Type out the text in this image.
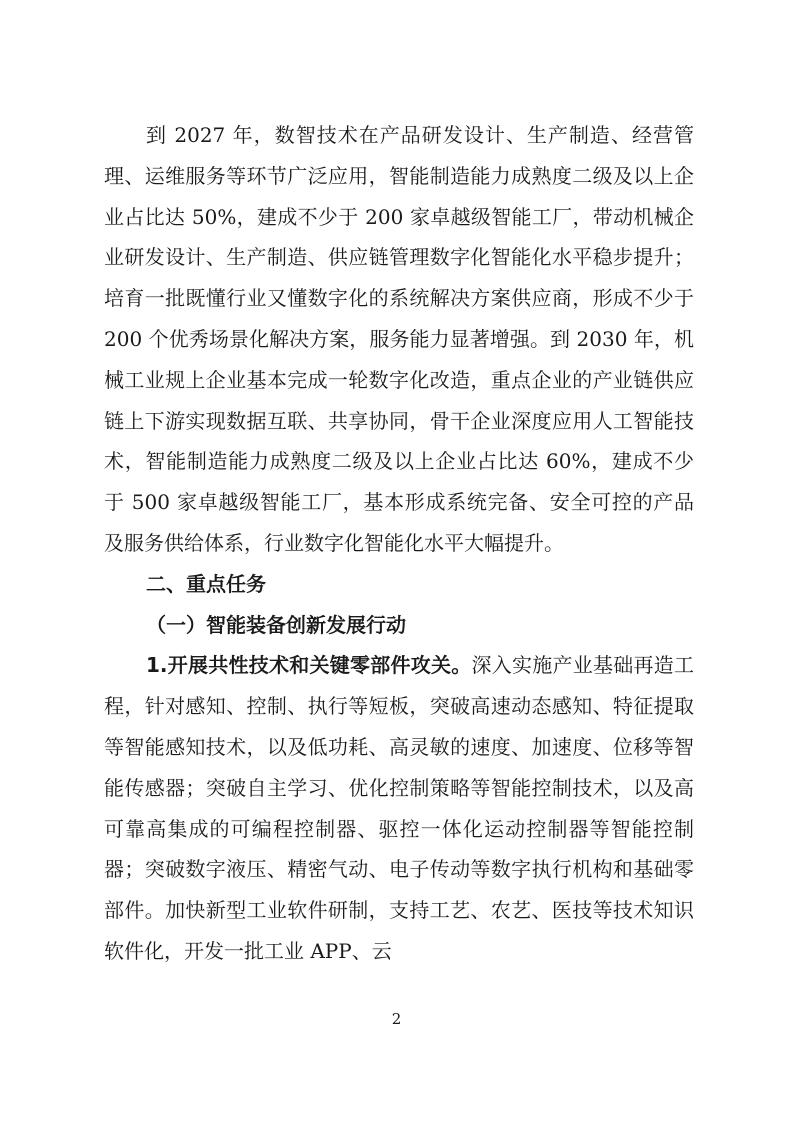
到 2027 年，数智技术在产品研发设计、生产制造、经营管理、运维服务等环节广泛应用，智能制造能力成熟度二级及以上企业占比达 50%，建成不少于 200 家卓越级智能工厂，带动机械企业研发设计、生产制造、供应链管理数字化智能化水平稳步提升；培育一批既懂行业又懂数字化的系统解决方案供应商，形成不少于 200 个优秀场景化解决方案，服务能力显著增强。到 2030 年，机械工业规上企业基本完成一轮数字化改造，重点企业的产业链供应链上下游实现数据互联、共享协同，骨干企业深度应用人工智能技术，智能制造能力成熟度二级及以上企业占比达 60%，建成不少于 500 家卓越级智能工厂，基本形成系统完备、安全可控的产品及服务供给体系，行业数字化智能化水平大幅提升。

二、重点任务

（一）智能装备创新发展行动

1.开展共性技术和关键零部件攻关。深入实施产业基础再造工程，针对感知、控制、执行等短板，突破高速动态感知、特征提取等智能感知技术，以及低功耗、高灵敏的速度、加速度、位移等智能传感器；突破自主学习、优化控制策略等智能控制技术，以及高可靠高集成的可编程控制器、驱控一体化运动控制器等智能控制器；突破数字液压、精密气动、电子传动等数字执行机构和基础零部件。加快新型工业软件研制，支持工艺、农艺、医技等技术知识软件化，开发一批工业 APP、云

2
